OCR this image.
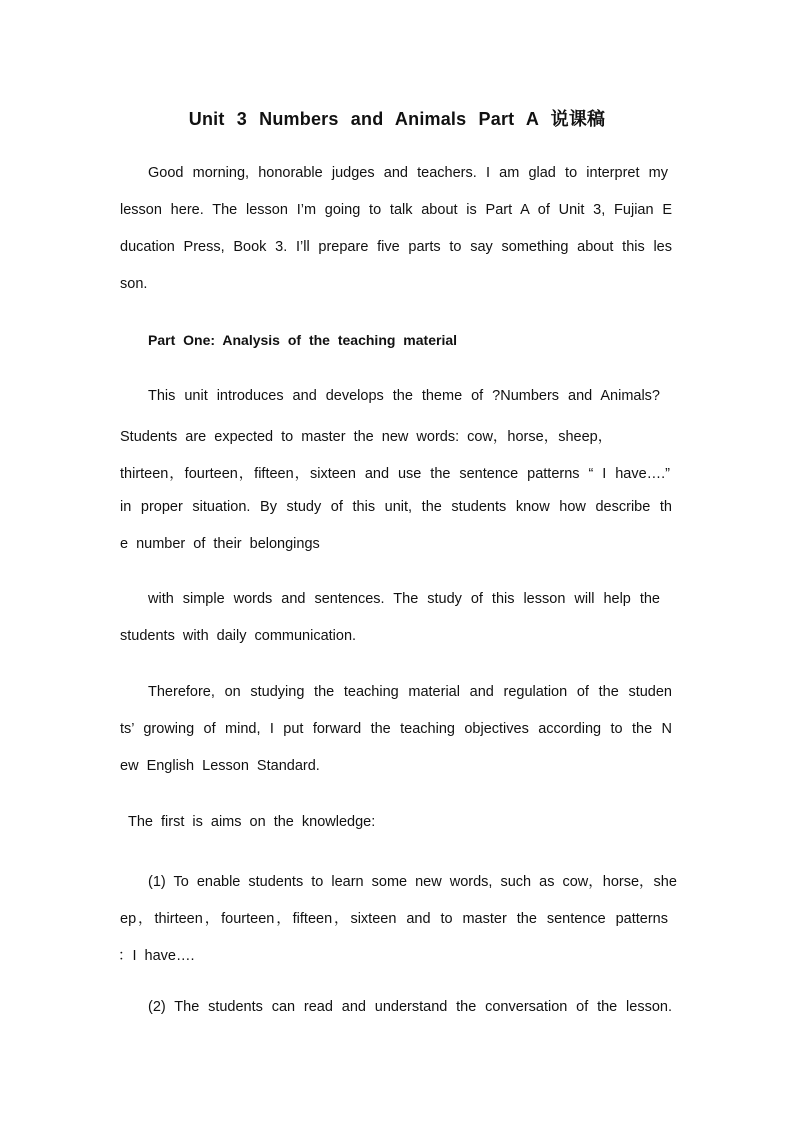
Unit 3 Numbers and Animals Part A 说课稿
Good morning, honorable judges and teachers. I am glad to interpret my
lesson here. The lesson I’m going to talk about is Part A of Unit 3, Fujian E
ducation Press, Book 3. I’ll prepare five parts to say something about this les
son.
Part One: Analysis of the teaching material
This unit introduces and develops the theme of ?Numbers and Animals?
Students are expected to master the new words: cow，horse，sheep，
thirteen，fourteen，fifteen，sixteen and use the sentence patterns “ I have….”
in proper situation. By study of this unit, the students know how describe th
e number of their belongings
with simple words and sentences. The study of this lesson will help the
students with daily communication.
Therefore, on studying the teaching material and regulation of the studen
ts’ growing of mind, I put forward the teaching objectives according to the N
ew English Lesson Standard.
The first is aims on the knowledge:
(1) To enable students to learn some new words, such as cow，horse，she
ep，thirteen，fourteen，fifteen，sixteen and to master the sentence patterns
：I have….
(2) The students can read and understand the conversation of the lesson.
